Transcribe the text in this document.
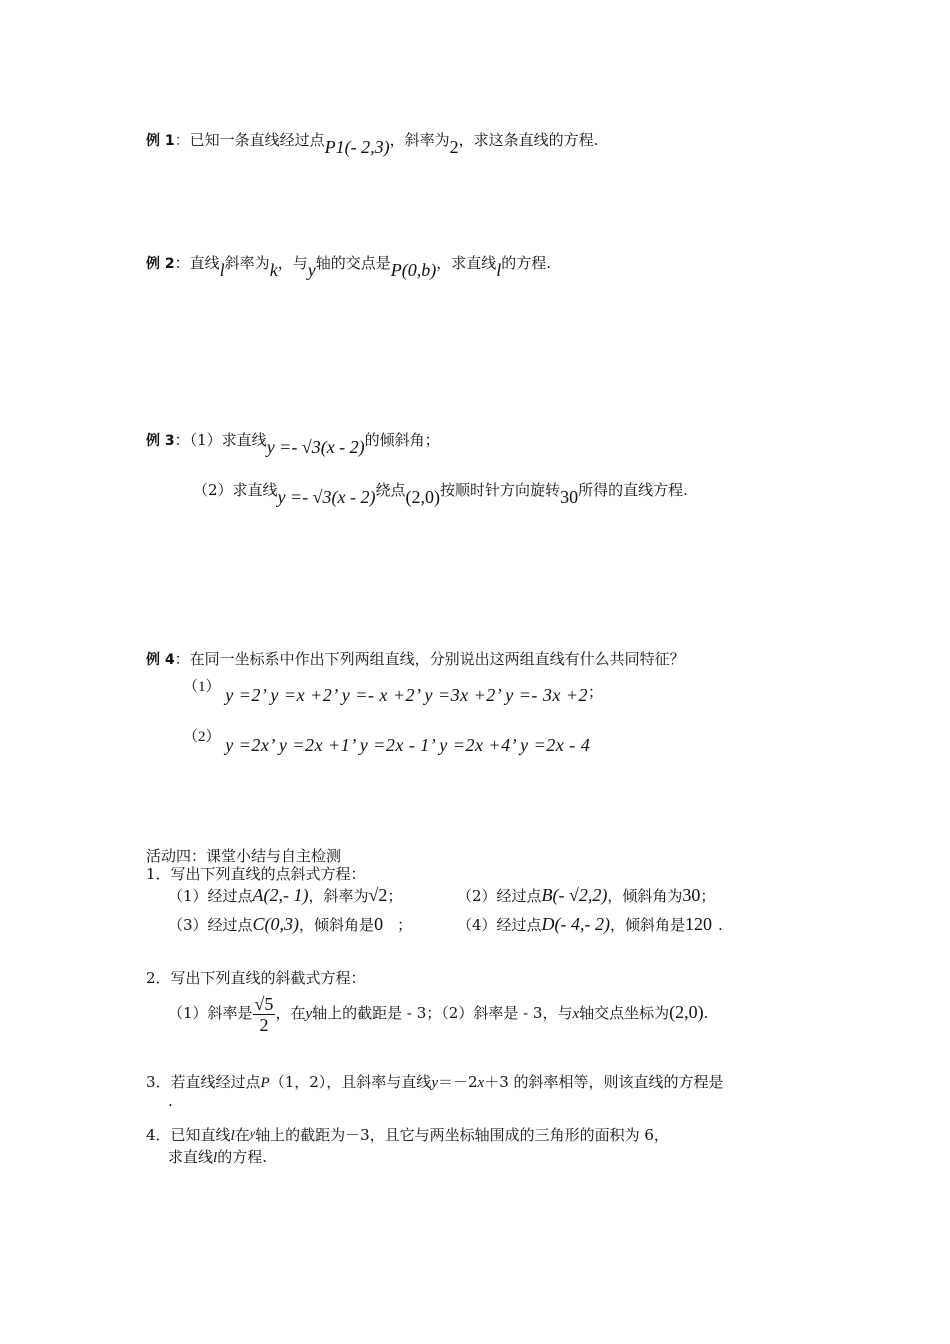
例 1：已知一条直线经过点P1(- 2,3)，斜率为2，求这条直线的方程.
例 2：直线l斜率为k，与y轴的交点是P(0,b)，求直线l的方程.
例 3：（1）求直线y =- √3(x - 2)的倾斜角；
（2）求直线y =- √3(x - 2)绕点(2,0)按顺时针方向旋转30所得的直线方程.
例 4：在同一坐标系中作出下列两组直线，分别说出这两组直线有什么共同特征？
（1） y =2’ y =x +2’ y =- x +2’ y =3x +2’ y =- 3x +2；
（2） y =2x’ y =2x +1’ y =2x - 1’ y =2x +4’ y =2x - 4
活动四：课堂小结与自主检测
1．写出下列直线的点斜式方程：
（1）经过点A(2,- 1)，斜率为√2；	（2）经过点B(- √2,2)，倾斜角为30；
（3）经过点C(0,3)，倾斜角是0 ；	（4）经过点D(- 4,- 2)，倾斜角是120 .
2．写出下列直线的斜截式方程：
（1）斜率是 $\frac{√5}{2}$ ，在y轴上的截距是 - 3；（2）斜率是 - 3，与x轴交点坐标为(2,0).
3．若直线经过点P（1，2），且斜率与直线y＝－2x＋3 的斜率相等，则该直线的方程是
.
4．已知直线l在$^y$轴上的截距为－3，且它与两坐标轴围成的三角形的面积为 6，
求直线l的方程.
